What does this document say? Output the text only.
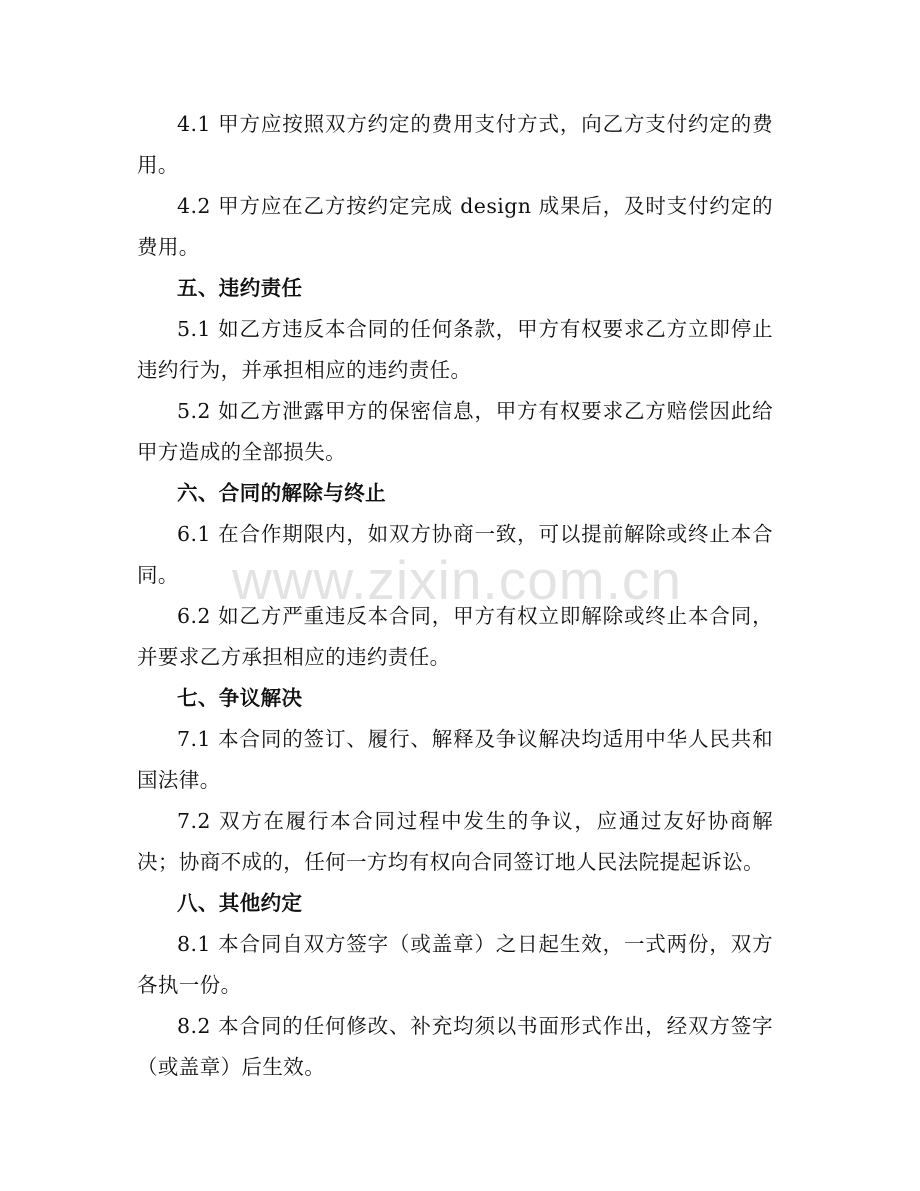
4.1 甲方应按照双方约定的费用支付方式，向乙方支付约定的费用。

4.2 甲方应在乙方按约定完成 design 成果后，及时支付约定的费用。

五、违约责任

5.1 如乙方违反本合同的任何条款，甲方有权要求乙方立即停止违约行为，并承担相应的违约责任。

5.2 如乙方泄露甲方的保密信息，甲方有权要求乙方赔偿因此给甲方造成的全部损失。

六、合同的解除与终止

6.1 在合作期限内，如双方协商一致，可以提前解除或终止本合同。

6.2 如乙方严重违反本合同，甲方有权立即解除或终止本合同，并要求乙方承担相应的违约责任。

七、争议解决

7.1 本合同的签订、履行、解释及争议解决均适用中华人民共和国法律。

7.2 双方在履行本合同过程中发生的争议，应通过友好协商解决；协商不成的，任何一方均有权向合同签订地人民法院提起诉讼。

八、其他约定

8.1 本合同自双方签字（或盖章）之日起生效，一式两份，双方各执一份。

8.2 本合同的任何修改、补充均须以书面形式作出，经双方签字（或盖章）后生效。

www.zixin.com.cn
